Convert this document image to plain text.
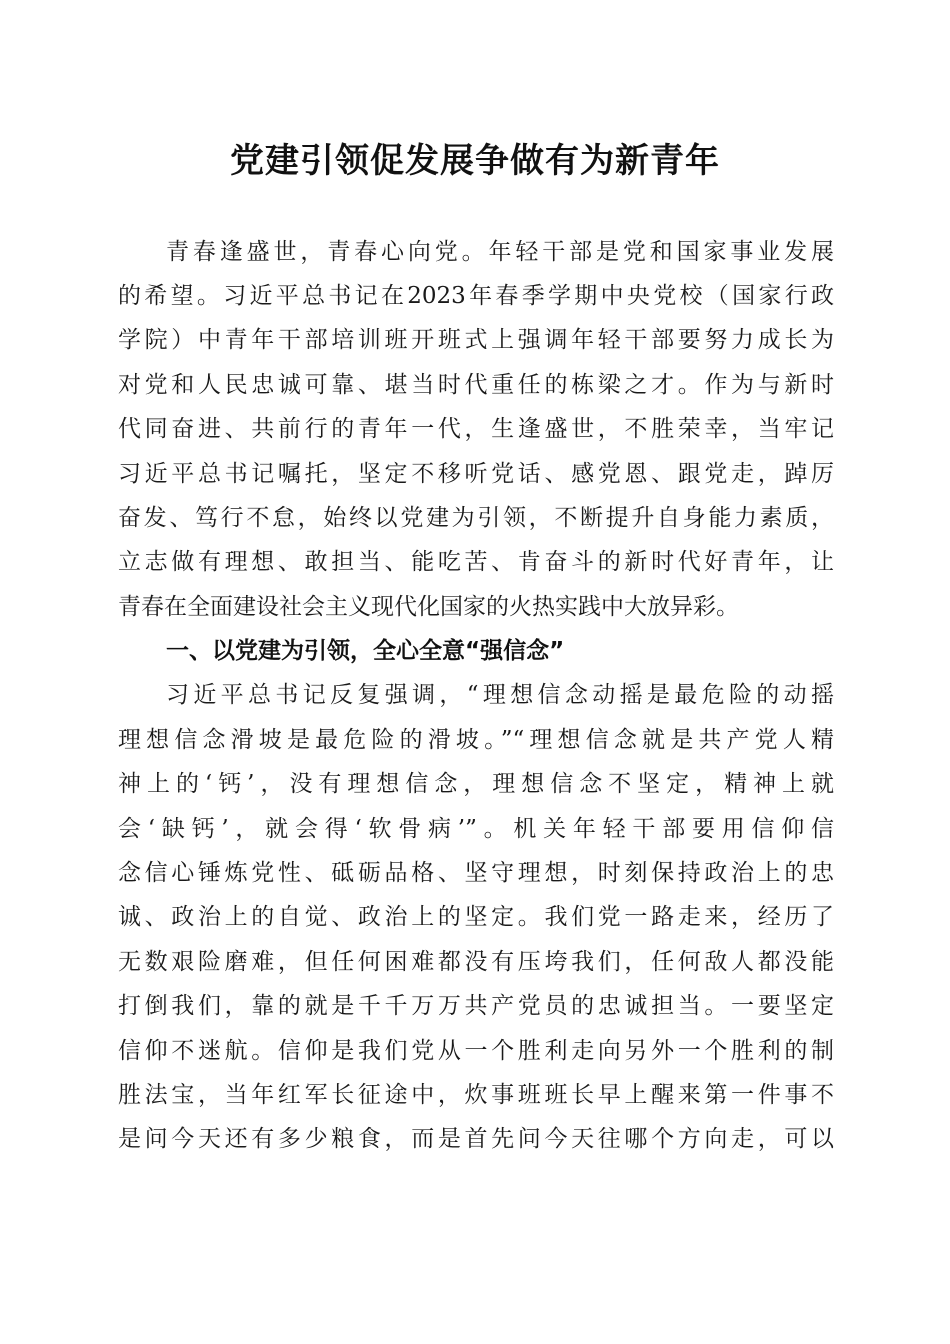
党建引领促发展争做有为新青年

青春逢盛世，青春心向党。年轻干部是党和国家事业发展

的希望。习近平总书记在2023年春季学期中央党校（国家行政

学院）中青年干部培训班开班式上强调年轻干部要努力成长为

对党和人民忠诚可靠、堪当时代重任的栋梁之才。作为与新时

代同奋进、共前行的青年一代，生逢盛世，不胜荣幸，当牢记

习近平总书记嘱托，坚定不移听党话、感党恩、跟党走，踔厉

奋发、笃行不怠，始终以党建为引领，不断提升自身能力素质，

立志做有理想、敢担当、能吃苦、肯奋斗的新时代好青年，让

青春在全面建设社会主义现代化国家的火热实践中大放异彩。

一、以党建为引领，全心全意“强信念”

习近平总书记反复强调，“理想信念动摇是最危险的动摇

理想信念滑坡是最危险的滑坡。”“理想信念就是共产党人精

神上的‘钙’，没有理想信念，理想信念不坚定，精神上就

会‘缺钙’，就会得‘软骨病’”。机关年轻干部要用信仰信

念信心锤炼党性、砥砺品格、坚守理想，时刻保持政治上的忠

诚、政治上的自觉、政治上的坚定。我们党一路走来，经历了

无数艰险磨难，但任何困难都没有压垮我们，任何敌人都没能

打倒我们，靠的就是千千万万共产党员的忠诚担当。一要坚定

信仰不迷航。信仰是我们党从一个胜利走向另外一个胜利的制

胜法宝，当年红军长征途中，炊事班班长早上醒来第一件事不

是问今天还有多少粮食，而是首先问今天往哪个方向走，可以
